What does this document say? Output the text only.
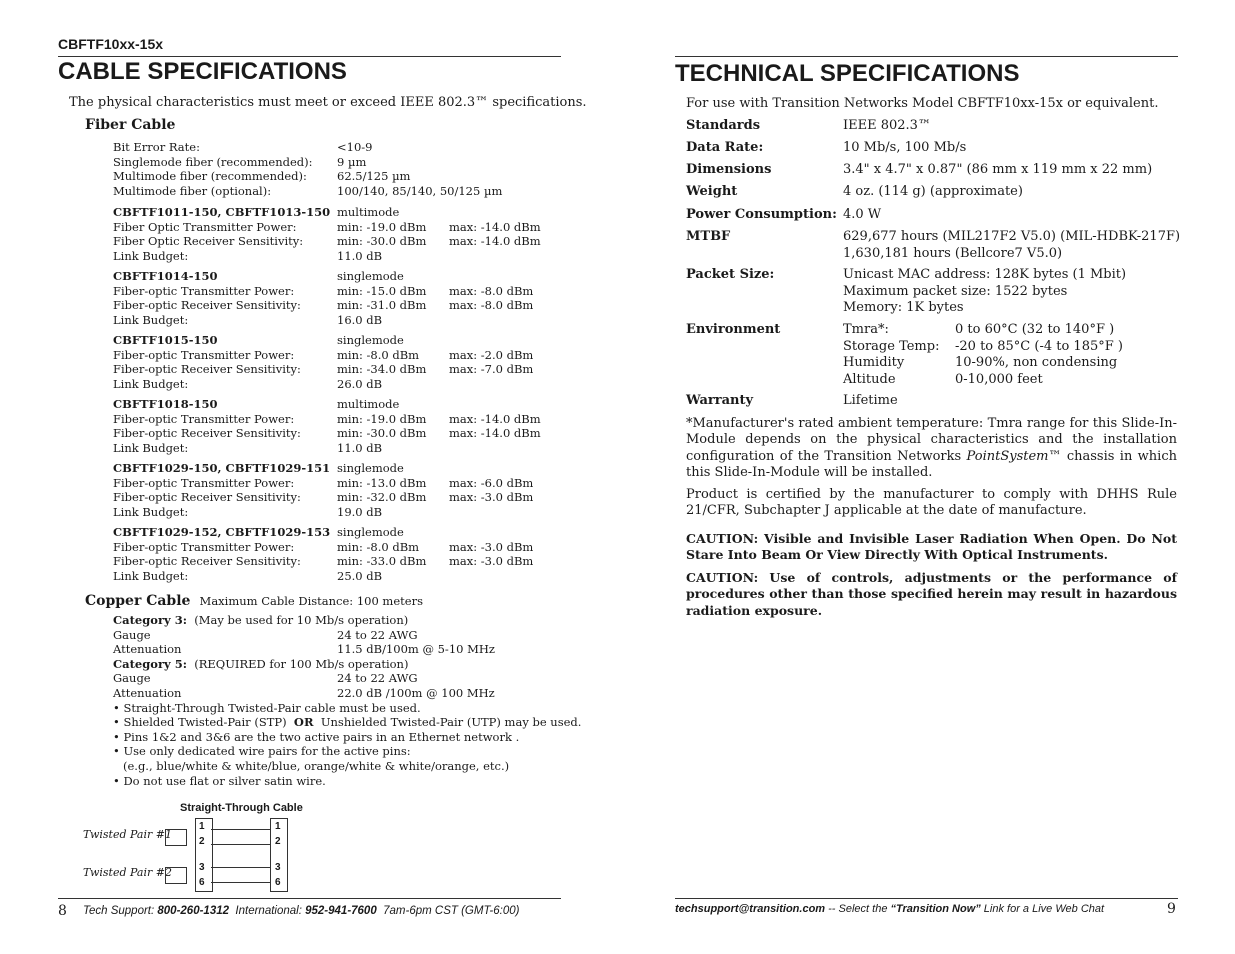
CBFTF10xx-15x
CABLE SPECIFICATIONS
The physical characteristics must meet or exceed IEEE 802.3™ specifications.
Fiber Cable
Bit Error Rate:	<10-9
Singlemode fiber (recommended): 9 µm
Multimode fiber (recommended):	62.5/125 µm
Multimode fiber (optional):	100/140, 85/140, 50/125 µm
CBFTF1011-150, CBFTF1013-150 multimode
Fiber Optic Transmitter Power:	min: -19.0 dBm max: -14.0 dBm
Fiber Optic Receiver Sensitivity:	min: -30.0 dBm max: -14.0 dBm
Link Budget:	11.0 dB
CBFTF1014-150	singlemode
Fiber-optic Transmitter Power:	min: -15.0 dBm max: -8.0 dBm
Fiber-optic Receiver Sensitivity:	min: -31.0 dBm max: -8.0 dBm
Link Budget:	16.0 dB
CBFTF1015-150	singlemode
Fiber-optic Transmitter Power:	min: -8.0 dBm	max: -2.0 dBm
Fiber-optic Receiver Sensitivity:	min: -34.0 dBm max: -7.0 dBm
Link Budget:	26.0 dB
CBFTF1018-150	multimode
Fiber-optic Transmitter Power:	min: -19.0 dBm max: -14.0 dBm
Fiber-optic Receiver Sensitivity:	min: -30.0 dBm max: -14.0 dBm
Link Budget:	11.0 dB
CBFTF1029-150, CBFTF1029-151 singlemode
Fiber-optic Transmitter Power:	min: -13.0 dBm max: -6.0 dBm
Fiber-optic Receiver Sensitivity:	min: -32.0 dBm max: -3.0 dBm
Link Budget:	19.0 dB
CBFTF1029-152, CBFTF1029-153 singlemode
Fiber-optic Transmitter Power:	min: -8.0 dBm	max: -3.0 dBm
Fiber-optic Receiver Sensitivity:	min: -33.0 dBm max: -3.0 dBm
Link Budget:	25.0 dB
Copper Cable Maximum Cable Distance: 100 meters
Category 3: (May be used for 10 Mb/s operation)
Gauge	24 to 22 AWG
Attenuation	11.5 dB/100m @ 5-10 MHz
Category 5: (REQUIRED for 100 Mb/s operation)
Gauge	24 to 22 AWG
Attenuation	22.0 dB /100m @ 100 MHz
• Straight-Through Twisted-Pair cable must be used.
• Shielded Twisted-Pair (STP) OR Unshielded Twisted-Pair (UTP) may be used.
• Pins 1&2 and 3&6 are the two active pairs in an Ethernet network .
• Use only dedicated wire pairs for the active pins:
(e.g., blue/white & white/blue, orange/white & white/orange, etc.)
• Do not use flat or silver satin wire.
Straight-Through Cable
Twisted Pair #1
Twisted Pair #2
1
2
3
6
1
2
3
6
8 Tech Support: 800-260-1312 International: 952-941-7600 7am-6pm CST (GMT-6:00)
TECHNICAL SPECIFICATIONS
For use with Transition Networks Model CBFTF10xx-15x or equivalent.
Standards	IEEE 802.3™
Data Rate:	10 Mb/s, 100 Mb/s
Dimensions	3.4" x 4.7" x 0.87" (86 mm x 119 mm x 22 mm)
Weight	4 oz. (114 g) (approximate)
Power Consumption: 4.0 W
MTBF	629,677 hours (MIL217F2 V5.0) (MIL-HDBK-217F)
1,630,181 hours (Bellcore7 V5.0)
Packet Size:	Unicast MAC address: 128K bytes (1 Mbit)
Maximum packet size: 1522 bytes
Memory: 1K bytes
Environment	Tmra*:	0 to 60°C (32 to 140°F )
Storage Temp: -20 to 85°C (-4 to 185°F )
Humidity	10-90%, non condensing
Altitude	0-10,000 feet
Warranty	Lifetime
*Manufacturer's rated ambient temperature: Tmra range for this Slide-In-Module depends on the physical characteristics and the installation configuration of the Transition Networks PointSystem™ chassis in which this Slide-In-Module will be installed.
Product is certified by the manufacturer to comply with DHHS Rule 21/CFR, Subchapter J applicable at the date of manufacture.
CAUTION: Visible and Invisible Laser Radiation When Open. Do Not Stare Into Beam Or View Directly With Optical Instruments.
CAUTION: Use of controls, adjustments or the performance of procedures other than those specified herein may result in hazardous radiation exposure.
techsupport@transition.com -- Select the “Transition Now” Link for a Live Web Chat	9
